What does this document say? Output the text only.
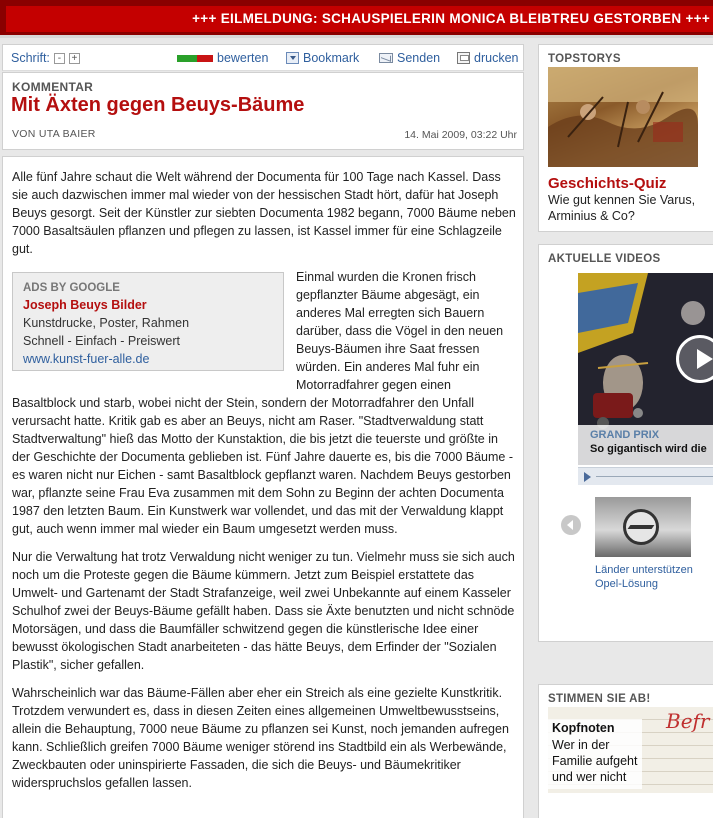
+++ EILMELDUNG: SCHAUSPIELERIN MONICA BLEIBTREU GESTORBEN +++
Schrift: -	+	bewerten	Bookmark	Senden	drucken
KOMMENTAR
Mit Äxten gegen Beuys-Bäume
VON UTA BAIER	14. Mai 2009, 03:22 Uhr

Alle fünf Jahre schaut die Welt während der Documenta für 100 Tage nach Kassel. Dass sie auch dazwischen immer mal wieder von der hessischen Stadt hört, dafür hat Joseph Beuys gesorgt. Seit der Künstler zur siebten Documenta 1982 begann, 7000 Bäume neben 7000 Basaltsäulen pflanzen und pflegen zu lassen, ist Kassel immer für eine Schlagzeile gut.

ADS BY GOOGLE
Joseph Beuys Bilder
Kunstdrucke, Poster, Rahmen
Schnell - Einfach - Preiswert
www.kunst-fuer-alle.de

Einmal wurden die Kronen frisch gepflanzter Bäume abgesägt, ein anderes Mal erregten sich Bauern darüber, dass die Vögel in den neuen Beuys-Bäumen ihre Saat fressen würden. Ein anderes Mal fuhr ein Motorradfahrer gegen einen Basaltblock und starb, wobei nicht der Stein, sondern der Motorradfahrer den Unfall verursacht hatte. Kritik gab es aber an Beuys, nicht am Raser. "Stadtverwaldung statt Stadtverwaltung" hieß das Motto der Kunstaktion, die bis jetzt die teuerste und größte in der Geschichte der Documenta geblieben ist. Fünf Jahre dauerte es, bis die 7000 Bäume - es waren nicht nur Eichen - samt Basaltblock gepflanzt waren. Nachdem Beuys gestorben war, pflanzte seine Frau Eva zusammen mit dem Sohn zu Beginn der achten Documenta 1987 den letzten Baum. Ein Kunstwerk war vollendet, und das mit der Verwaldung klappt gut, auch wenn immer mal wieder ein Baum umgesetzt werden muss.

Nur die Verwaltung hat trotz Verwaldung nicht weniger zu tun. Vielmehr muss sie sich auch noch um die Proteste gegen die Bäume kümmern. Jetzt zum Beispiel erstattete das Umwelt- und Gartenamt der Stadt Strafanzeige, weil zwei Unbekannte auf einem Kasseler Schulhof zwei der Beuys-Bäume gefällt haben. Dass sie Äxte benutzten und nicht schnöde Motorsägen, und dass die Baumfäller schwitzend gegen die künstlerische Idee einer bewusst ökologischen Stadt anarbeiteten - das hätte Beuys, dem Erfinder der "Sozialen Plastik", sicher gefallen.

Wahrscheinlich war das Bäume-Fällen aber eher ein Streich als eine gezielte Kunstkritik. Trotzdem verwundert es, dass in diesen Zeiten eines allgemeinen Umweltbewusstseins, allein die Behauptung, 7000 neue Bäume zu pflanzen sei Kunst, noch jemanden aufregen kann. Schließlich greifen 7000 Bäume weniger störend ins Stadtbild ein als Werbewände, Zweckbauten oder uninspirierte Fassaden, die sich die Beuys- und Bäumekritiker widerspruchslos gefallen lassen.

TOPSTORYS
Geschichts-Quiz
Wie gut kennen Sie Varus, Arminius & Co?
AKTUELLE VIDEOS
GRAND PRIX
So gigantisch wird die
Länder unterstützen Opel-Lösung
STIMMEN SIE AB!
Befr
Kopfnoten
Wer in der Familie aufgeht und wer nicht
